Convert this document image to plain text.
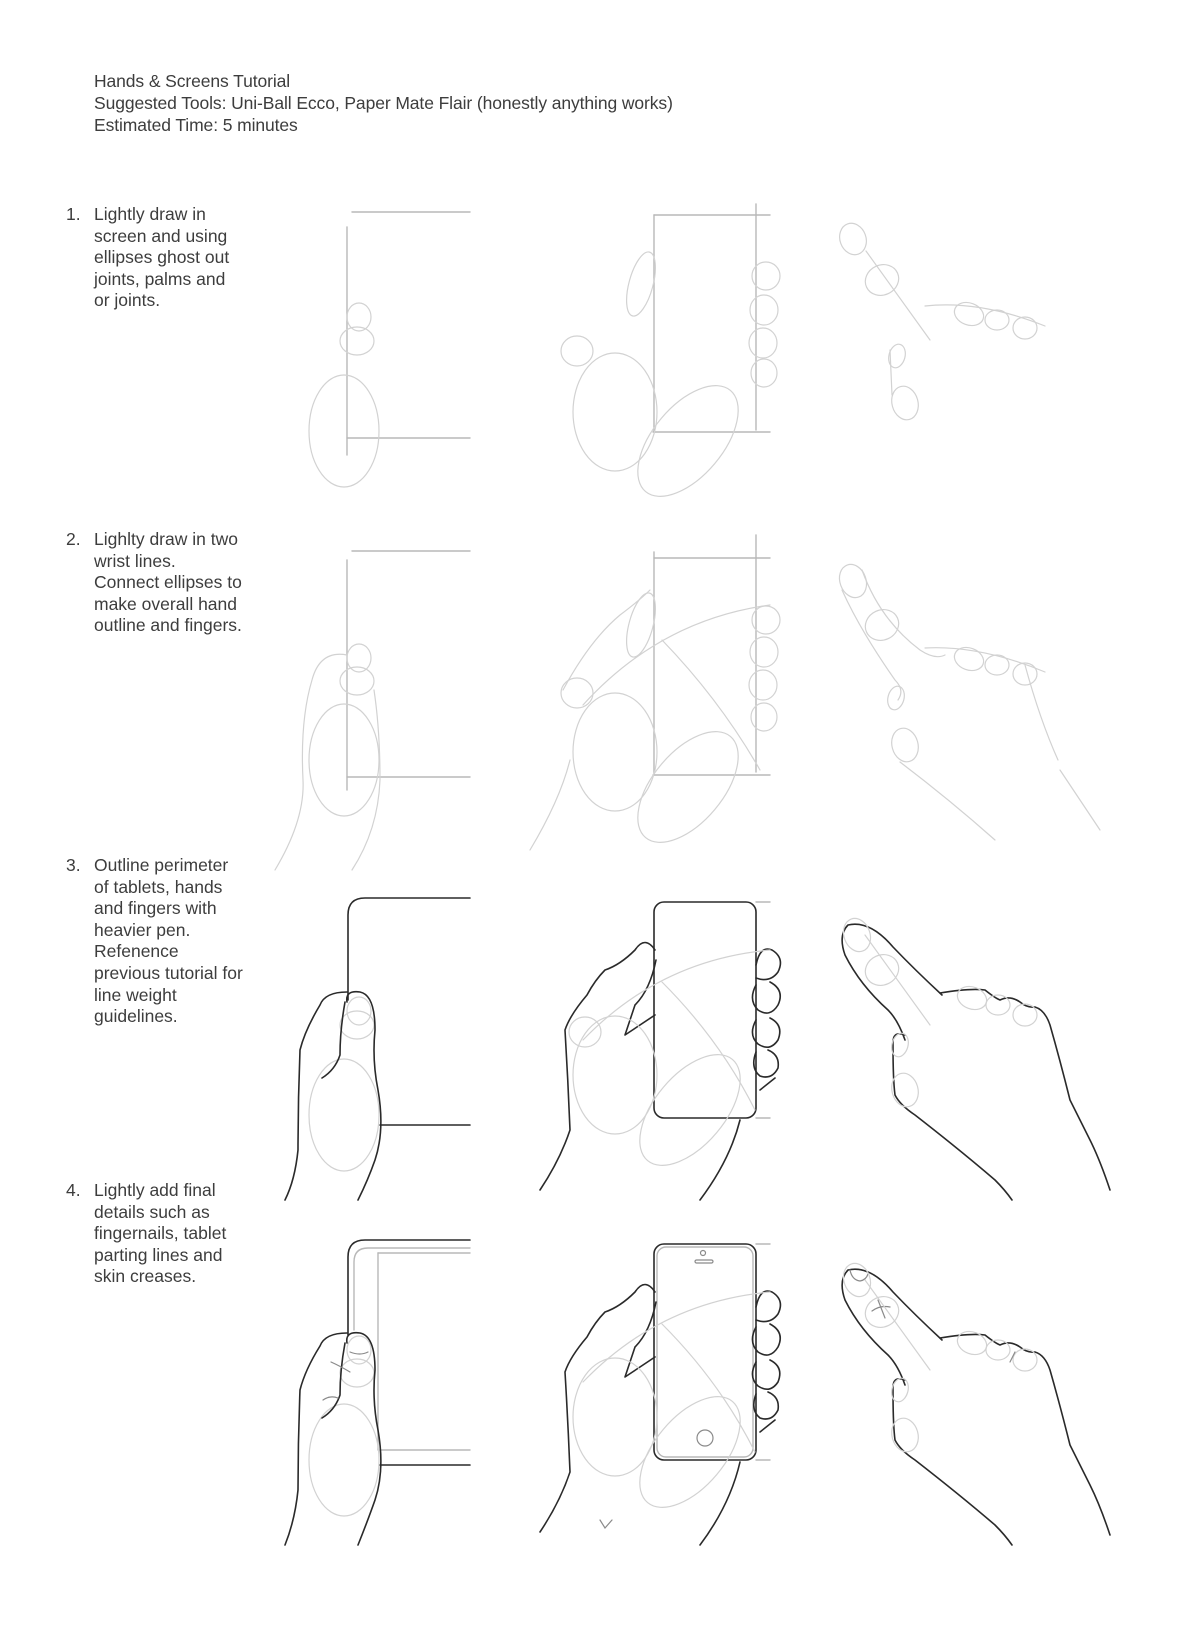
Hands & Screens Tutorial
Suggested Tools: Uni-Ball Ecco, Paper Mate Flair (honestly anything works)
Estimated Time: 5 minutes
1. Lightly draw in screen and using ellipses ghost out joints, palms and or joints.
2. Lighlty draw in two wrist lines. Connect ellipses to make overall hand outline and fingers.
3. Outline perimeter of tablets, hands and fingers with heavier pen. Refenence previous tutorial for line weight guidelines.
4. Lightly add final details such as fingernails, tablet parting lines and skin creases.
